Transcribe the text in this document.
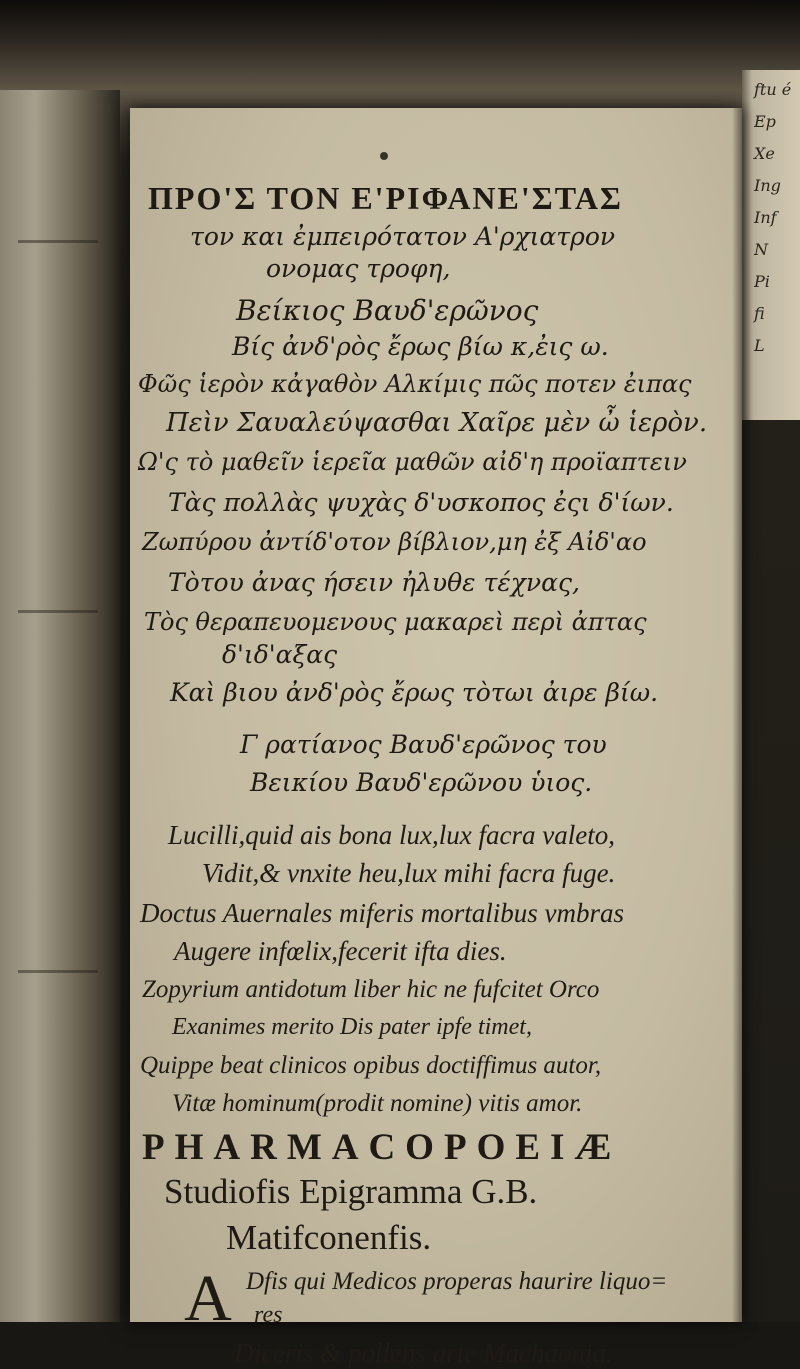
ftu é
Ep
Xe
Ing
Inf
N
Pi
fi
L
ΠΡΟ'Σ ΤΟΝ Ε'ΡΙΦΑΝΕ'ΣΤΑΣ
τον και ἐμπειρότατον Α'ρχιατρον
ονομας τροφη,
Βείκιος Βαυδ'ερῶνος
Βίς ἀνδ'ρὸς ἔρως βίω κ,ἐις ω.
Φῶς ἱερὸν κἀγαθὸν Αλκίμις πῶς ποτεν ἐιπας
Πεὶν Σαυαλεύψασθαι Χαῖρε μὲν ὦ ἱερὸν.
Ω'ς τὸ μαθεῖν ἱερεῖα μαθῶν αἰδ'η προϊαπτειν
Τὰς πολλὰς ψυχὰς δ'υσκοπος ἐςι δ'ίων.
Ζωπύρου ἀντίδ'οτον βίβλιον,μη ἐξ Αἰδ'αο
Τὸτου ἀνας ήσειν ἠλυθε τέχνας,
Τὸς θεραπευομενους μακαρεὶ περὶ ἀπτας
δ'ιδ'αξας
Καὶ βιου ἀνδ'ρὸς ἔρως τὸτωι ἀιρε βίω.
Γ ρατίανος Βαυδ'ερῶνος του
Βεικίου Βαυδ'ερῶνου ὑιος.
Lucilli,quid ais bona lux,lux facra valeto,
Vidit,& vnxite heu,lux mihi facra fuge.
Doctus Auernales miferis mortalibus vmbras
Augere infœlix,fecerit ifta dies.
Zopyrium antidotum liber hic ne fufcitet Orco
Exanimes merito Dis pater ipfe timet,
Quippe beat clinicos opibus doctiffimus autor,
Vitæ hominum(prodit nomine) vitis amor.
PHARMACOPOEIÆ
Studiofis Epigramma G.B.
Matifconenfis.
A Dfis qui Medicos properas haurire liquo=
res
Diceris & pollens arte Machaonia.
